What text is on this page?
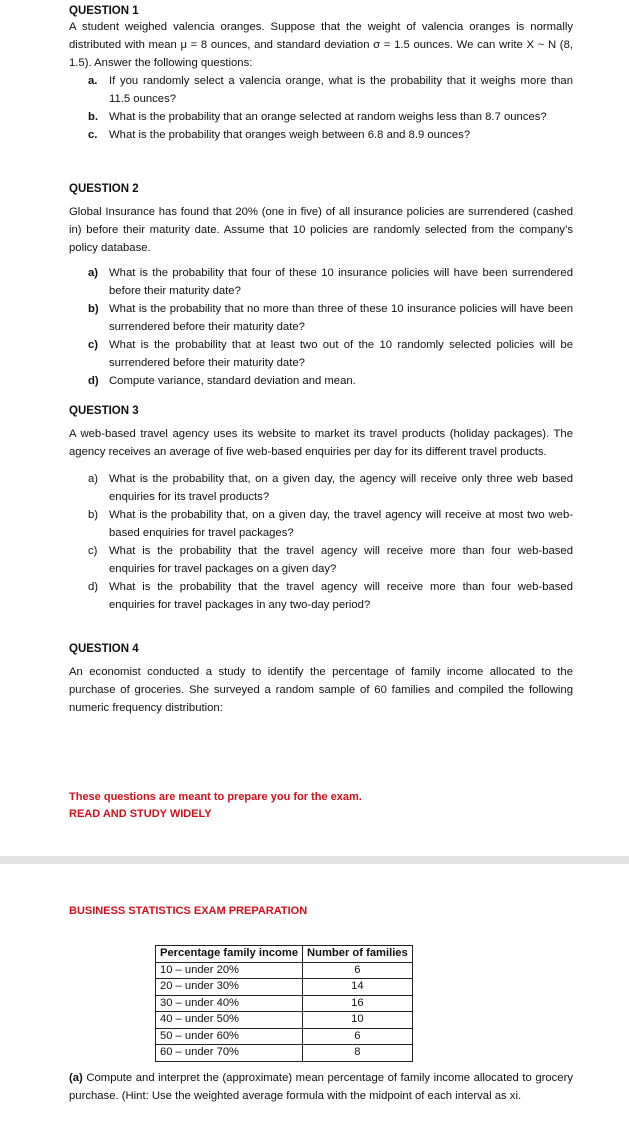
QUESTION 1

A student weighed valencia oranges. Suppose that the weight of valencia oranges is normally distributed with mean μ = 8 ounces, and standard deviation σ = 1.5 ounces. We can write X ~ N (8, 1.5). Answer the following questions:

a. If you randomly select a valencia orange, what is the probability that it weighs more than 11.5 ounces?
b. What is the probability that an orange selected at random weighs less than 8.7 ounces?
c. What is the probability that oranges weigh between 6.8 and 8.9 ounces?
QUESTION 2

Global Insurance has found that 20% (one in five) of all insurance policies are surrendered (cashed in) before their maturity date. Assume that 10 policies are randomly selected from the company’s policy database.

a) What is the probability that four of these 10 insurance policies will have been surrendered before their maturity date?
b) What is the probability that no more than three of these 10 insurance policies will have been surrendered before their maturity date?
c) What is the probability that at least two out of the 10 randomly selected policies will be surrendered before their maturity date?
d) Compute variance, standard deviation and mean.
QUESTION 3

A web-based travel agency uses its website to market its travel products (holiday packages). The agency receives an average of five web-based enquiries per day for its different travel products.

a) What is the probability that, on a given day, the agency will receive only three web based enquiries for its travel products?
b) What is the probability that, on a given day, the travel agency will receive at most two web-based enquiries for travel packages?
c) What is the probability that the travel agency will receive more than four web-based enquiries for travel packages on a given day?
d) What is the probability that the travel agency will receive more than four web-based enquiries for travel packages in any two-day period?
QUESTION 4

An economist conducted a study to identify the percentage of family income allocated to the purchase of groceries. She surveyed a random sample of 60 families and compiled the following numeric frequency distribution:

These questions are meant to prepare you for the exam.
READ AND STUDY WIDELY
BUSINESS STATISTICS EXAM PREPARATION
Percentage family income	Number of families
10 – under 20%	6
20 – under 30%	14
30 – under 40%	16
40 – under 50%	10
50 – under 60%	6
60 – under 70%	8

(a) Compute and interpret the (approximate) mean percentage of family income allocated to grocery purchase. (Hint: Use the weighted average formula with the midpoint of each interval as xi.
